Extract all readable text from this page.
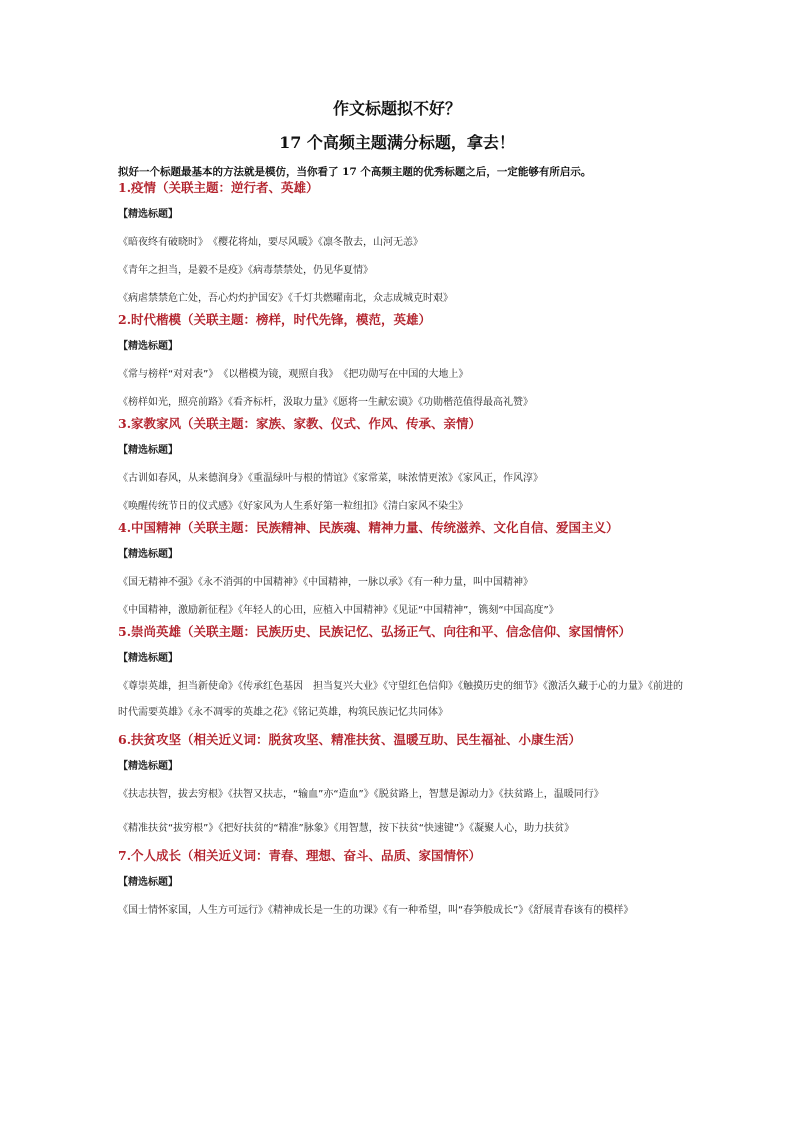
作文标题拟不好？
17 个高频主题满分标题，拿去！
拟好一个标题最基本的方法就是模仿，当你看了 17 个高频主题的优秀标题之后，一定能够有所启示。
1.疫情（关联主题：逆行者、英雄）
【精选标题】
《暗夜终有破晓时》　《樱花将灿，要尽风暖》《凛冬散去，山河无恙》
《青年之担当，是毅不是疫》《病毒禁禁处，仍见华夏情》
《病虐禁禁危亡处，吾心灼灼护国安》《千灯共燃曜南北，众志成城克时艰》
2.时代楷模（关联主题：榜样，时代先锋，模范，英雄）
【精选标题】
《常与榜样“对对表”》　《以楷模为镜，观照自我》　《把功勋写在中国的大地上》
《榜样如光，照亮前路》《看齐标杆，汲取力量》《愿将一生献宏谟》《功勋楷范值得最高礼赞》
3.家教家风（关联主题：家族、家教、仪式、作风、传承、亲情）
【精选标题】
《古训如春风，从来德润身》《重温绿叶与根的情谊》《家常菜，味浓情更浓》《家风正，作风淳》
《唤醒传统节日的仪式感》《好家风为人生系好第一粒纽扣》《清白家风不染尘》
4.中国精神（关联主题：民族精神、民族魂、精神力量、传统滋养、文化自信、爱国主义）
【精选标题】
《国无精神不强》《永不消弭的中国精神》《中国精神，一脉以承》《有一种力量，叫中国精神》
《中国精神，激励新征程》《年轻人的心田，应植入中国精神》《见证“中国精神”，镌刻“中国高度”》
5.崇尚英雄（关联主题：民族历史、民族记忆、弘扬正气、向往和平、信念信仰、家国情怀）
【精选标题】
《尊崇英雄，担当新使命》《传承红色基因　担当复兴大业》《守望红色信仰》《触摸历史的细节》《激活久藏于心的力量》《前进的时代需要英雄》《永不凋零的英雄之花》《铭记英雄，构筑民族记忆共同体》
6.扶贫攻坚（相关近义词：脱贫攻坚、精准扶贫、温暖互助、民生福祉、小康生活）
【精选标题】
《扶志扶智，拔去穷根》《扶智又扶志，“输血”亦“造血”》《脱贫路上，智慧是源动力》《扶贫路上，温暖同行》
《精准扶贫“拔穷根”》《把好扶贫的“精准”脉象》《用智慧，按下扶贫“快速键”》《凝聚人心，助力扶贫》
7.个人成长（相关近义词：青春、理想、奋斗、品质、家国情怀）
【精选标题】
《国士情怀家国，人生方可远行》《精神成长是一生的功课》《有一种希望，叫“春笋般成长”》《舒展青春该有的模样》
